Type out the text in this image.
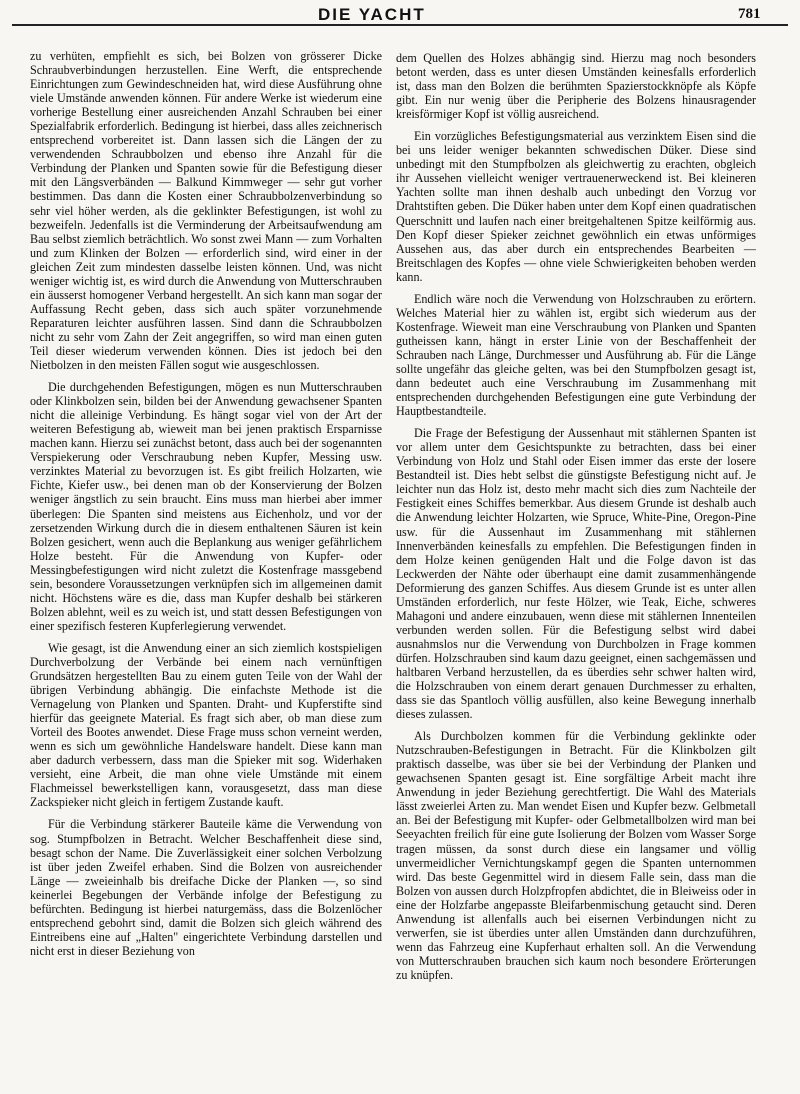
DIE YACHT	781

zu verhüten, empfiehlt es sich, bei Bolzen von grösserer Dicke Schraubverbindungen herzustellen. Eine Werft, die entsprechende Einrichtungen zum Gewindeschneiden hat, wird diese Ausführung ohne viele Umstände anwenden können. Für andere Werke ist wiederum eine vorherige Bestellung einer ausreichenden Anzahl Schrauben bei einer Spezialfabrik erforderlich. Bedingung ist hierbei, dass alles zeichnerisch entsprechend vorbereitet ist. Dann lassen sich die Längen der zu verwendenden Schraubbolzen und ebenso ihre Anzahl für die Verbindung der Planken und Spanten sowie für die Befestigung dieser mit den Längsverbänden — Balkund Kimmweger — sehr gut vorher bestimmen. Das dann die Kosten einer Schraubbolzenverbindung so sehr viel höher werden, als die geklinkter Befestigungen, ist wohl zu bezweifeln. Jedenfalls ist die Verminderung der Arbeitsaufwendung am Bau selbst ziemlich beträchtlich. Wo sonst zwei Mann — zum Vorhalten und zum Klinken der Bolzen — erforderlich sind, wird einer in der gleichen Zeit zum mindesten dasselbe leisten können. Und, was nicht weniger wichtig ist, es wird durch die Anwendung von Mutterschrauben ein äusserst homogener Verband hergestellt. An sich kann man sogar der Auffassung Recht geben, dass sich auch später vorzunehmende Reparaturen leichter ausführen lassen. Sind dann die Schraubbolzen nicht zu sehr vom Zahn der Zeit angegriffen, so wird man einen guten Teil dieser wiederum verwenden können. Dies ist jedoch bei den Nietbolzen in den meisten Fällen sogut wie ausgeschlossen.

Die durchgehenden Befestigungen, mögen es nun Mutterschrauben oder Klinkbolzen sein, bilden bei der Anwendung gewachsener Spanten nicht die alleinige Verbindung. Es hängt sogar viel von der Art der weiteren Befestigung ab, wieweit man bei jenen praktisch Ersparnisse machen kann. Hierzu sei zunächst betont, dass auch bei der sogenannten Verspiekerung oder Verschraubung neben Kupfer, Messing usw. verzinktes Material zu bevorzugen ist. Es gibt freilich Holzarten, wie Fichte, Kiefer usw., bei denen man ob der Konservierung der Bolzen weniger ängstlich zu sein braucht. Eins muss man hierbei aber immer überlegen: Die Spanten sind meistens aus Eichenholz, und vor der zersetzenden Wirkung durch die in diesem enthaltenen Säuren ist kein Bolzen gesichert, wenn auch die Beplankung aus weniger gefährlichem Holze besteht. Für die Anwendung von Kupfer- oder Messingbefestigungen wird nicht zuletzt die Kostenfrage massgebend sein, besondere Voraussetzungen verknüpfen sich im allgemeinen damit nicht. Höchstens wäre es die, dass man Kupfer deshalb bei stärkeren Bolzen ablehnt, weil es zu weich ist, und statt dessen Befestigungen von einer spezifisch festeren Kupferlegierung verwendet.

Wie gesagt, ist die Anwendung einer an sich ziemlich kostspieligen Durchverbolzung der Verbände bei einem nach vernünftigen Grundsätzen hergestellten Bau zu einem guten Teile von der Wahl der übrigen Verbindung abhängig. Die einfachste Methode ist die Vernagelung von Planken und Spanten. Draht- und Kupferstifte sind hierfür das geeignete Material. Es fragt sich aber, ob man diese zum Vorteil des Bootes anwendet. Diese Frage muss schon verneint werden, wenn es sich um gewöhnliche Handelsware handelt. Diese kann man aber dadurch verbessern, dass man die Spieker mit sog. Widerhaken versieht, eine Arbeit, die man ohne viele Umstände mit einem Flachmeissel bewerkstelligen kann, vorausgesetzt, dass man diese Zackspieker nicht gleich in fertigem Zustande kauft.

Für die Verbindung stärkerer Bauteile käme die Verwendung von sog. Stumpfbolzen in Betracht. Welcher Beschaffenheit diese sind, besagt schon der Name. Die Zuverlässigkeit einer solchen Verbolzung ist über jeden Zweifel erhaben. Sind die Bolzen von ausreichender Länge — zweieinhalb bis dreifache Dicke der Planken —, so sind keinerlei Begebungen der Verbände infolge der Befestigung zu befürchten. Bedingung ist hierbei naturgemäss, dass die Bolzenlöcher entsprechend gebohrt sind, damit die Bolzen sich gleich während des Eintreibens eine auf „Halten" eingerichtete Verbindung darstellen und nicht erst in dieser Beziehung von

dem Quellen des Holzes abhängig sind. Hierzu mag noch besonders betont werden, dass es unter diesen Umständen keinesfalls erforderlich ist, dass man den Bolzen die berühmten Spazierstockknöpfe als Köpfe gibt. Ein nur wenig über die Peripherie des Bolzens hinausragender kreisförmiger Kopf ist völlig ausreichend.

Ein vorzügliches Befestigungsmaterial aus verzinktem Eisen sind die bei uns leider weniger bekannten schwedischen Düker. Diese sind unbedingt mit den Stumpfbolzen als gleichwertig zu erachten, obgleich ihr Aussehen vielleicht weniger vertrauenerweckend ist. Bei kleineren Yachten sollte man ihnen deshalb auch unbedingt den Vorzug vor Drahtstiften geben. Die Düker haben unter dem Kopf einen quadratischen Querschnitt und laufen nach einer breitgehaltenen Spitze keilförmig aus. Den Kopf dieser Spieker zeichnet gewöhnlich ein etwas unförmiges Aussehen aus, das aber durch ein entsprechendes Bearbeiten — Breitschlagen des Kopfes — ohne viele Schwierigkeiten behoben werden kann.

Endlich wäre noch die Verwendung von Holzschrauben zu erörtern. Welches Material hier zu wählen ist, ergibt sich wiederum aus der Kostenfrage. Wieweit man eine Verschraubung von Planken und Spanten gutheissen kann, hängt in erster Linie von der Beschaffenheit der Schrauben nach Länge, Durchmesser und Ausführung ab. Für die Länge sollte ungefähr das gleiche gelten, was bei den Stumpfbolzen gesagt ist, dann bedeutet auch eine Verschraubung im Zusammenhang mit entsprechenden durchgehenden Befestigungen eine gute Verbindung der Hauptbestandteile.

Die Frage der Befestigung der Aussenhaut mit stählernen Spanten ist vor allem unter dem Gesichtspunkte zu betrachten, dass bei einer Verbindung von Holz und Stahl oder Eisen immer das erste der losere Bestandteil ist. Dies hebt selbst die günstigste Befestigung nicht auf. Je leichter nun das Holz ist, desto mehr macht sich dies zum Nachteile der Festigkeit eines Schiffes bemerkbar. Aus diesem Grunde ist deshalb auch die Anwendung leichter Holzarten, wie Spruce, White-Pine, Oregon-Pine usw. für die Aussenhaut im Zusammenhang mit stählernen Innenverbänden keinesfalls zu empfehlen. Die Befestigungen finden in dem Holze keinen genügenden Halt und die Folge davon ist das Leckwerden der Nähte oder überhaupt eine damit zusammenhängende Deformierung des ganzen Schiffes. Aus diesem Grunde ist es unter allen Umständen erforderlich, nur feste Hölzer, wie Teak, Eiche, schweres Mahagoni und andere einzubauen, wenn diese mit stählernen Innenteilen verbunden werden sollen. Für die Befestigung selbst wird dabei ausnahmslos nur die Verwendung von Durchbolzen in Frage kommen dürfen. Holzschrauben sind kaum dazu geeignet, einen sachgemässen und haltbaren Verband herzustellen, da es überdies sehr schwer halten wird, die Holzschrauben von einem derart genauen Durchmesser zu erhalten, dass sie das Spantloch völlig ausfüllen, also keine Bewegung innerhalb dieses zulassen.

Als Durchbolzen kommen für die Verbindung geklinkte oder Nutzschrauben-Befestigungen in Betracht. Für die Klinkbolzen gilt praktisch dasselbe, was über sie bei der Verbindung der Planken und gewachsenen Spanten gesagt ist. Eine sorgfältige Arbeit macht ihre Anwendung in jeder Beziehung gerechtfertigt. Die Wahl des Materials lässt zweierlei Arten zu. Man wendet Eisen und Kupfer bezw. Gelbmetall an. Bei der Befestigung mit Kupfer- oder Gelbmetallbolzen wird man bei Seeyachten freilich für eine gute Isolierung der Bolzen vom Wasser Sorge tragen müssen, da sonst durch diese ein langsamer und völlig unvermeidlicher Vernichtungskampf gegen die Spanten unternommen wird. Das beste Gegenmittel wird in diesem Falle sein, dass man die Bolzen von aussen durch Holzpfropfen abdichtet, die in Bleiweiss oder in eine der Holzfarbe angepasste Bleifarbenmischung getaucht sind. Deren Anwendung ist allenfalls auch bei eisernen Verbindungen nicht zu verwerfen, sie ist überdies unter allen Umständen dann durchzuführen, wenn das Fahrzeug eine Kupferhaut erhalten soll. An die Verwendung von Mutterschrauben brauchen sich kaum noch besondere Erörterungen zu knüpfen.
